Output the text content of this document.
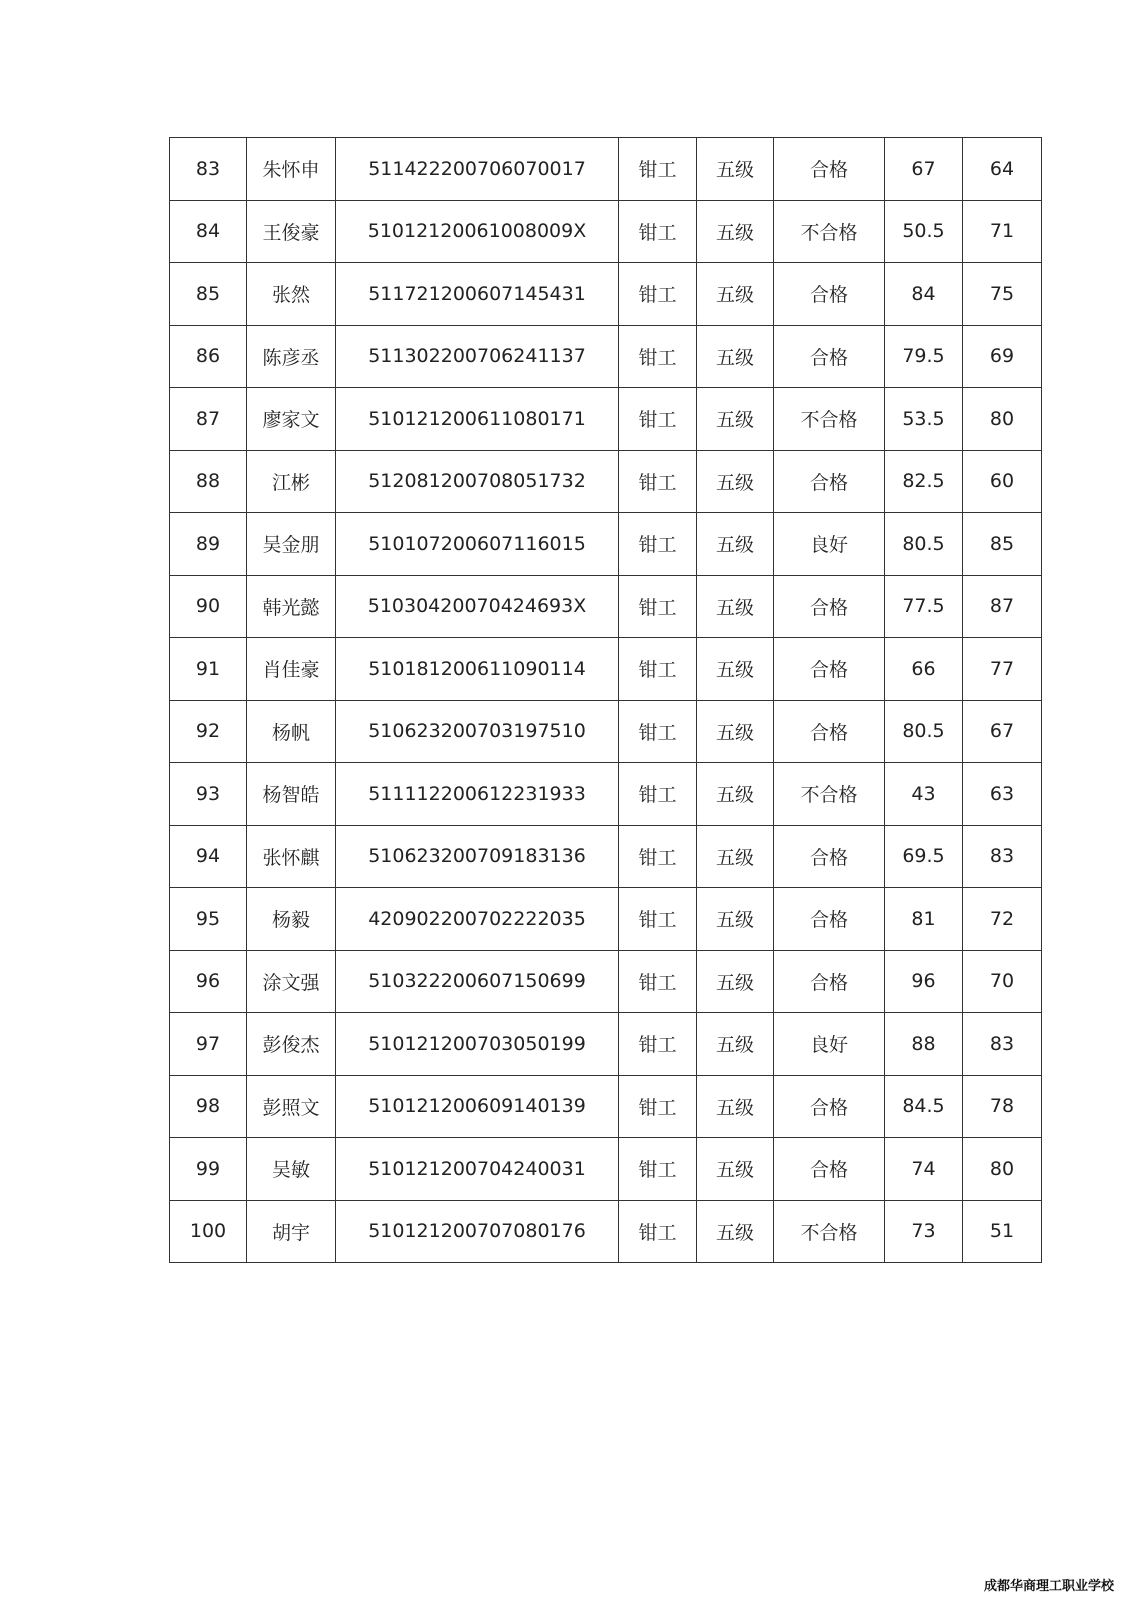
83	朱怀申	511422200706070017	钳工	五级	合格	67	64
84	王俊豪	51012120061008009X	钳工	五级	不合格	50.5	71
85	张然	511721200607145431	钳工	五级	合格	84	75
86	陈彦丞	511302200706241137	钳工	五级	合格	79.5	69
87	廖家文	510121200611080171	钳工	五级	不合格	53.5	80
88	江彬	512081200708051732	钳工	五级	合格	82.5	60
89	吴金朋	510107200607116015	钳工	五级	良好	80.5	85
90	韩光懿	51030420070424693X	钳工	五级	合格	77.5	87
91	肖佳豪	510181200611090114	钳工	五级	合格	66	77
92	杨帆	510623200703197510	钳工	五级	合格	80.5	67
93	杨智皓	511112200612231933	钳工	五级	不合格	43	63
94	张怀麒	510623200709183136	钳工	五级	合格	69.5	83
95	杨毅	420902200702222035	钳工	五级	合格	81	72
96	涂文强	510322200607150699	钳工	五级	合格	96	70
97	彭俊杰	510121200703050199	钳工	五级	良好	88	83
98	彭照文	510121200609140139	钳工	五级	合格	84.5	78
99	吴敏	510121200704240031	钳工	五级	合格	74	80
100	胡宇	510121200707080176	钳工	五级	不合格	73	51
成都华商理工职业学校
